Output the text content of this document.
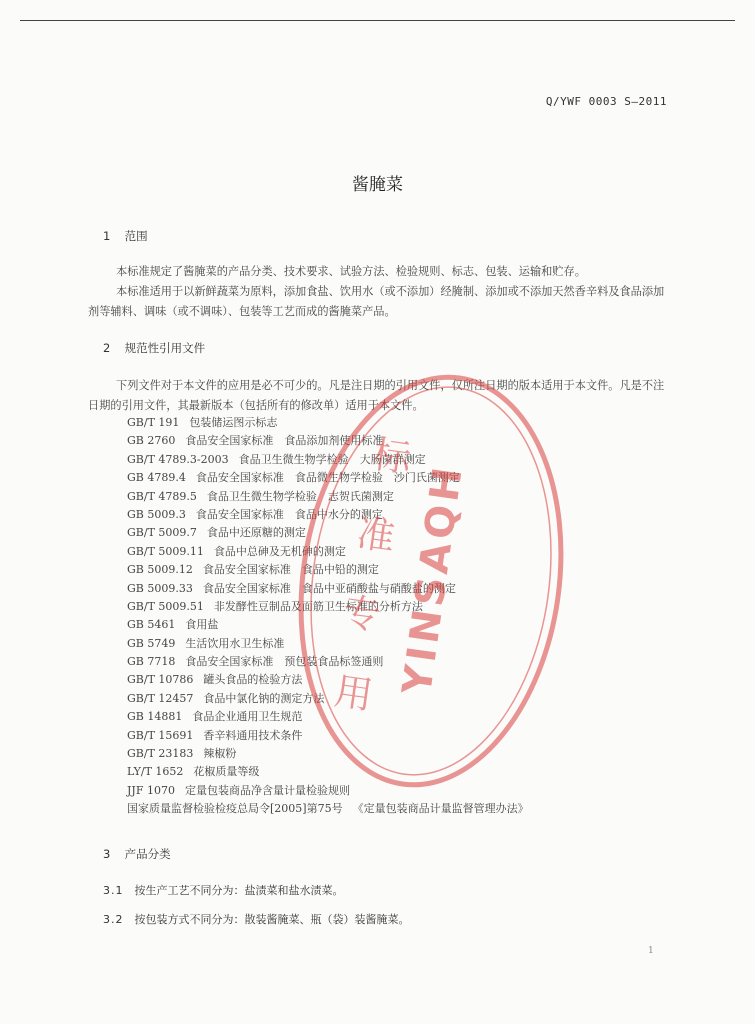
Q/YWF 0003 S—2011
酱腌菜
1 范围

本标准规定了酱腌菜的产品分类、技术要求、试验方法、检验规则、标志、包装、运输和贮存。

本标准适用于以新鲜蔬菜为原料，添加食盐、饮用水（或不添加）经腌制、添加或不添加天然香辛料及食品添加剂等辅料、调味（或不调味）、包装等工艺而成的酱腌菜产品。

2 规范性引用文件

下列文件对于本文件的应用是必不可少的。凡是注日期的引用文件，仅所注日期的版本适用于本文件。凡是不注日期的引用文件，其最新版本（包括所有的修改单）适用于本文件。

GB/T 191 包装储运图示标志
GB 2760 食品安全国家标准　食品添加剂使用标准
GB/T 4789.3-2003 食品卫生微生物学检验　大肠菌群测定
GB 4789.4 食品安全国家标准　食品微生物学检验　沙门氏菌测定
GB/T 4789.5 食品卫生微生物学检验　志贺氏菌测定
GB 5009.3 食品安全国家标准　食品中水分的测定
GB/T 5009.7 食品中还原糖的测定
GB/T 5009.11 食品中总砷及无机砷的测定
GB 5009.12 食品安全国家标准　食品中铅的测定
GB 5009.33 食品安全国家标准　食品中亚硝酸盐与硝酸盐的测定
GB/T 5009.51 非发酵性豆制品及面筋卫生标准的分析方法
GB 5461 食用盐
GB 5749 生活饮用水卫生标准
GB 7718 食品安全国家标准　预包装食品标签通则
GB/T 10786 罐头食品的检验方法
GB/T 12457 食品中氯化钠的测定方法
GB 14881 食品企业通用卫生规范
GB/T 15691 香辛料通用技术条件
GB/T 23183 辣椒粉
LY/T 1652 花椒质量等级
JJF 1070 定量包装商品净含量计量检验规则
国家质量监督检验检疫总局令[2005]第75号 《定量包装商品计量监督管理办法》
3 产品分类
3.1 按生产工艺不同分为：盐渍菜和盐水渍菜。
3.2 按包装方式不同分为：散装酱腌菜、瓶（袋）装酱腌菜。
1
标
准
专
用 YINSAQH
